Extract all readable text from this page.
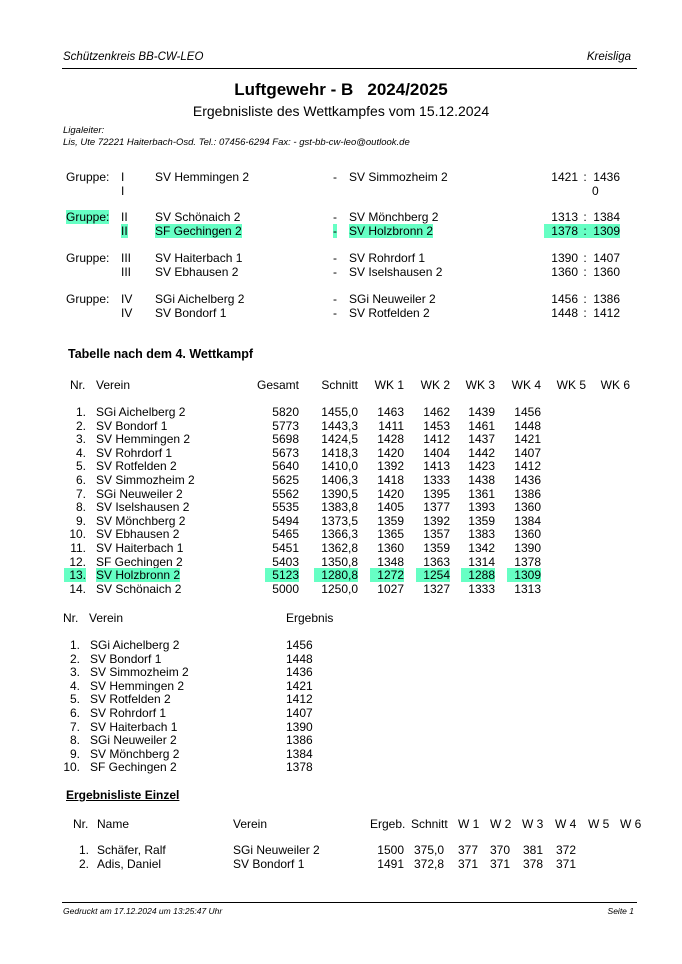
Schützenkreis BB-CW-LEO	Kreisliga
Luftgewehr - B   2024/2025
Ergebnisliste des Wettkampfes vom 15.12.2024
Ligaleiter:
Lis, Ute 72221 Haiterbach-Osd. Tel.: 07456-6294 Fax: - gst-bb-cw-leo@outlook.de
Gruppe: I	SV Hemmingen 2	- SV Simmozheim 2	1421 : 1436
I	0
Gruppe: II SV Schönaich 2	- SV Mönchberg 2	1313 : 1384
II SF Gechingen 2	- SV Holzbronn 2	1378 : 1309
Gruppe: III SV Haiterbach 1	- SV Rohrdorf 1	1390 : 1407
III SV Ebhausen 2	- SV Iselshausen 2	1360 : 1360
Gruppe: IV SGi Aichelberg 2	- SGi Neuweiler 2	1456 : 1386
IV SV Bondorf 1	- SV Rotfelden 2	1448 : 1412
Tabelle nach dem 4. Wettkampf
Nr. Verein	Gesamt	Schnitt	WK 1	WK 2	WK 3	WK 4	WK 5	WK 6
1. SGi Aichelberg 2	5820	1455,0	1463	1462	1439	1456
2. SV Bondorf 1	5773	1443,3	1411	1453	1461	1448
3. SV Hemmingen 2	5698	1424,5	1428	1412	1437	1421
4. SV Rohrdorf 1	5673	1418,3	1420	1404	1442	1407
5. SV Rotfelden 2	5640	1410,0	1392	1413	1423	1412
6. SV Simmozheim 2	5625	1406,3	1418	1333	1438	1436
7. SGi Neuweiler 2	5562	1390,5	1420	1395	1361	1386
8. SV Iselshausen 2	5535	1383,8	1405	1377	1393	1360
9. SV Mönchberg 2	5494	1373,5	1359	1392	1359	1384
10. SV Ebhausen 2	5465	1366,3	1365	1357	1383	1360
11. SV Haiterbach 1	5451	1362,8	1360	1359	1342	1390
12. SF Gechingen 2	5403	1350,8	1348	1363	1314	1378
13. SV Holzbronn 2	5123	1280,8	1272	1254	1288	1309
14. SV Schönaich 2	5000	1250,0	1027	1327	1333	1313
Nr. Verein	Ergebnis
1. SGi Aichelberg 2	1456
2. SV Bondorf 1	1448
3. SV Simmozheim 2	1436
4. SV Hemmingen 2	1421
5. SV Rotfelden 2	1412
6. SV Rohrdorf 1	1407
7. SV Haiterbach 1	1390
8. SGi Neuweiler 2	1386
9. SV Mönchberg 2	1384
10. SF Gechingen 2	1378
Ergebnisliste Einzel
Nr. Name	Verein	Ergeb. Schnitt W 1 W 2 W 3 W 4 W 5 W 6
1. Schäfer, Ralf	SGi Neuweiler 2	1500 375,0	377 370	381	372
2. Adis, Daniel	SV Bondorf 1	1491 372,8	371 371	378	371
Gedruckt am 17.12.2024 um 13:25:47 Uhr	Seite 1
